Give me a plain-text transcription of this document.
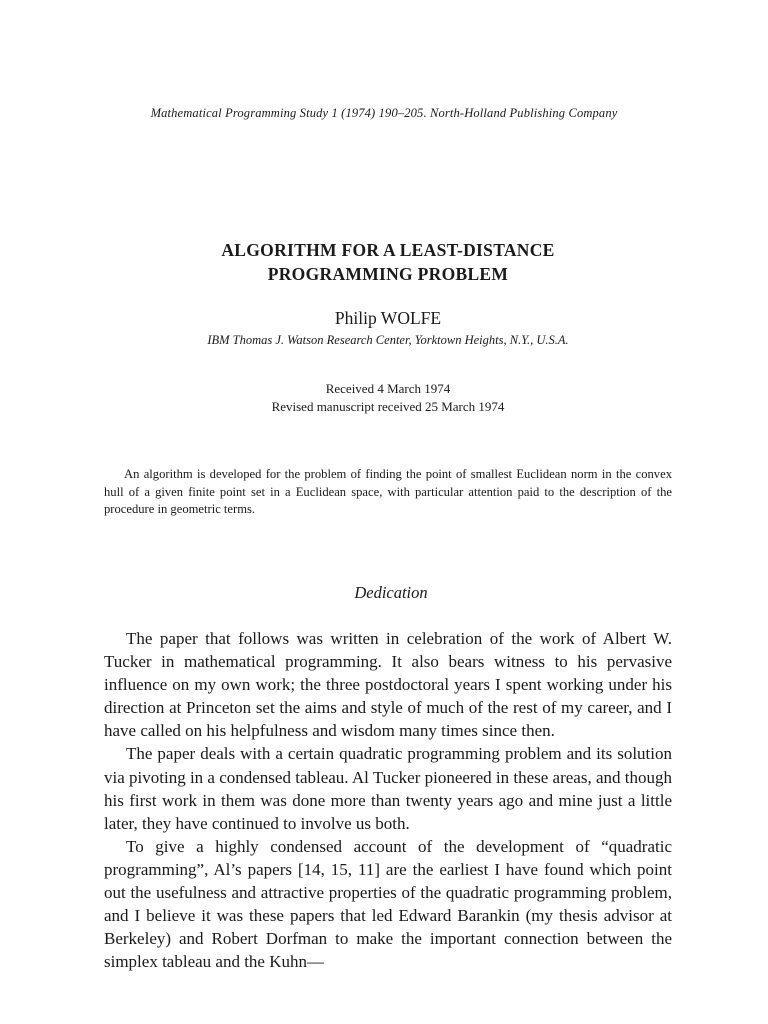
Mathematical Programming Study 1 (1974) 190–205. North-Holland Publishing Company
ALGORITHM FOR A LEAST-DISTANCE
PROGRAMMING PROBLEM
Philip WOLFE
IBM Thomas J. Watson Research Center, Yorktown Heights, N.Y., U.S.A.
Received 4 March 1974
Revised manuscript received 25 March 1974

An algorithm is developed for the problem of finding the point of smallest Euclidean norm in the convex hull of a given finite point set in a Euclidean space, with particular attention paid to the description of the procedure in geometric terms.

Dedication

The paper that follows was written in celebration of the work of Albert W. Tucker in mathematical programming. It also bears witness to his pervasive influence on my own work; the three postdoctoral years I spent working under his direction at Princeton set the aims and style of much of the rest of my career, and I have called on his helpfulness and wisdom many times since then.

The paper deals with a certain quadratic programming problem and its solution via pivoting in a condensed tableau. Al Tucker pioneered in these areas, and though his first work in them was done more than twenty years ago and mine just a little later, they have continued to involve us both.

To give a highly condensed account of the development of “quadratic programming”, Al’s papers [14, 15, 11] are the earliest I have found which point out the usefulness and attractive properties of the quadratic programming problem, and I believe it was these papers that led Edward Barankin (my thesis advisor at Berkeley) and Robert Dorfman to make the important connection between the simplex tableau and the Kuhn—
